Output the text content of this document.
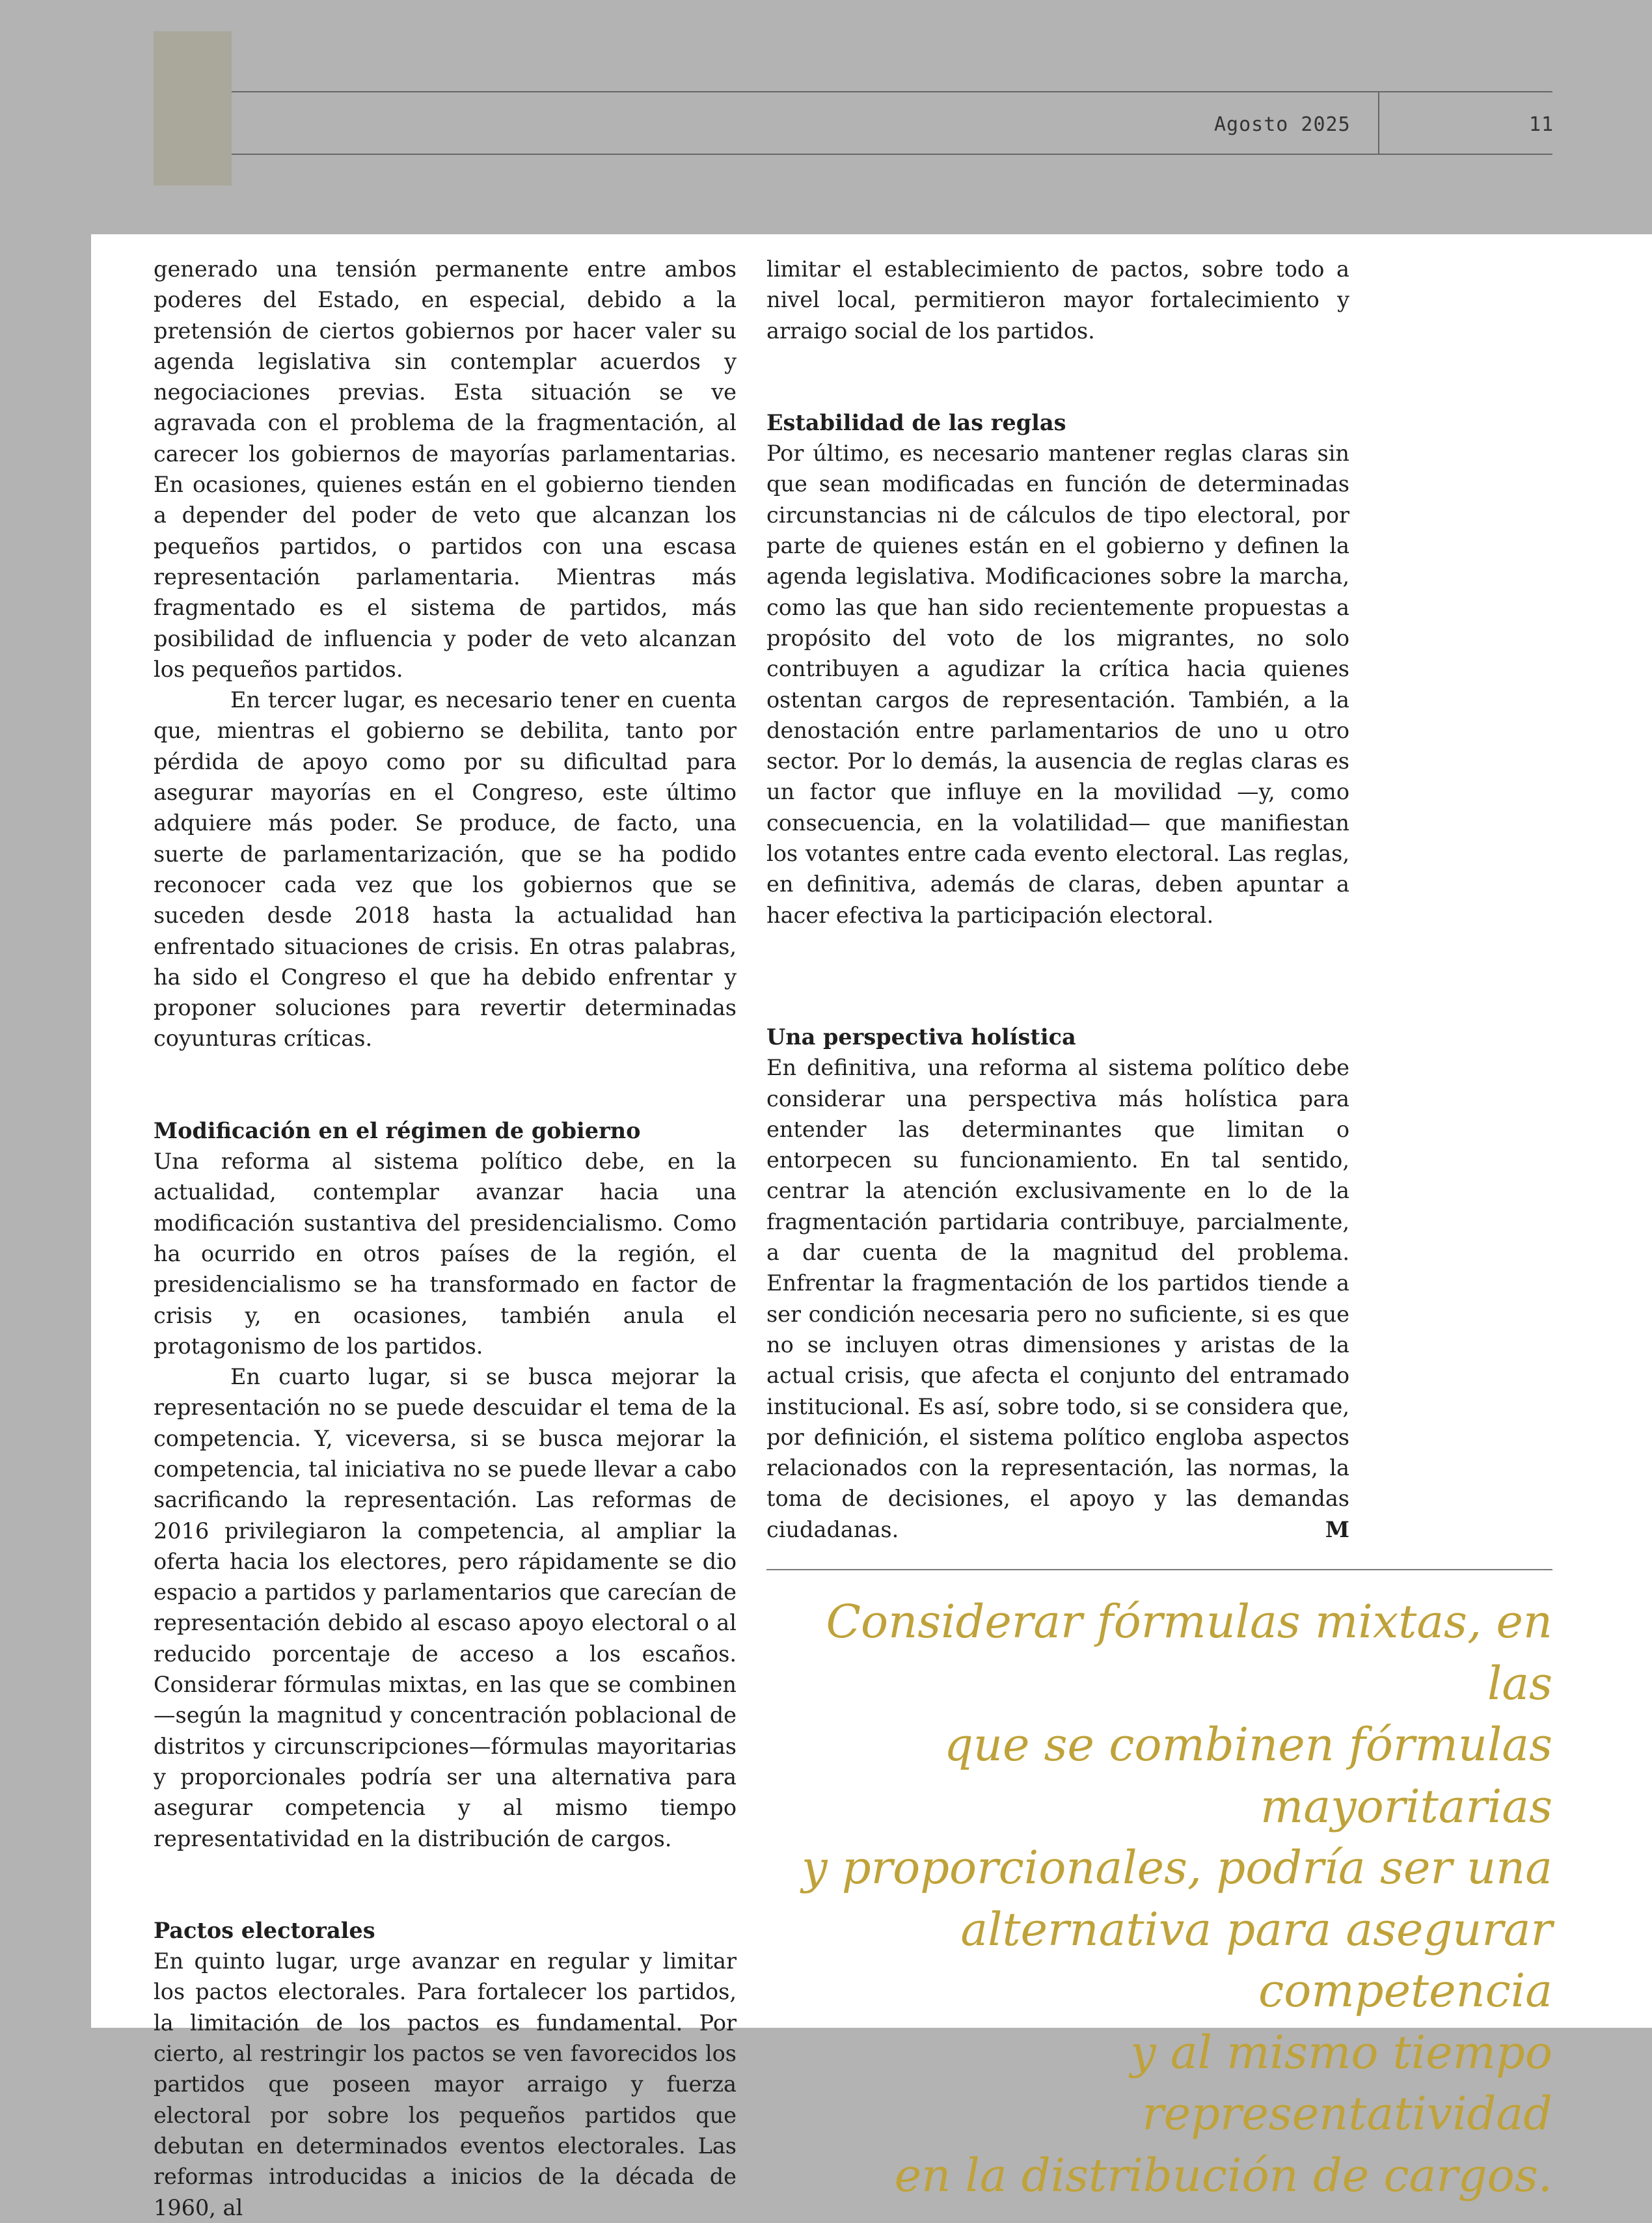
Agosto 2025	11

generado una tensión permanente entre ambos poderes del Estado, en especial, debido a la pretensión de ciertos gobiernos por hacer valer su agenda legislativa sin contemplar acuerdos y negociaciones previas. Esta situación se ve agravada con el problema de la fragmentación, al carecer los gobiernos de mayorías parlamentarias. En ocasiones, quienes están en el gobierno tienden a depender del poder de veto que alcanzan los pequeños partidos, o partidos con una escasa representación parlamentaria. Mientras más fragmentado es el sistema de partidos, más posibilidad de influencia y poder de veto alcanzan los pequeños partidos.

En tercer lugar, es necesario tener en cuenta que, mientras el gobierno se debilita, tanto por pérdida de apoyo como por su dificultad para asegurar mayorías en el Congreso, este último adquiere más poder. Se produce, de facto, una suerte de parlamentarización, que se ha podido reconocer cada vez que los gobiernos que se suceden desde 2018 hasta la actualidad han enfrentado situaciones de crisis. En otras palabras, ha sido el Congreso el que ha debido enfrentar y proponer soluciones para revertir determinadas coyunturas críticas.

Modificación en el régimen de gobierno

Una reforma al sistema político debe, en la actualidad, contemplar avanzar hacia una modificación sustantiva del presidencialismo. Como ha ocurrido en otros países de la región, el presidencialismo se ha transformado en factor de crisis y, en ocasiones, también anula el protagonismo de los partidos.

En cuarto lugar, si se busca mejorar la representación no se puede descuidar el tema de la competencia. Y, viceversa, si se busca mejorar la competencia, tal iniciativa no se puede llevar a cabo sacrificando la representación. Las reformas de 2016 privilegiaron la competencia, al ampliar la oferta hacia los electores, pero rápidamente se dio espacio a partidos y parlamentarios que carecían de representación debido al escaso apoyo electoral o al reducido porcentaje de acceso a los escaños. Considerar fórmulas mixtas, en las que se combinen —según la magnitud y concentración poblacional de distritos y circunscripciones—fórmulas mayoritarias y proporcionales podría ser una alternativa para asegurar competencia y al mismo tiempo representatividad en la distribución de cargos.

Pactos electorales

En quinto lugar, urge avanzar en regular y limitar los pactos electorales. Para fortalecer los partidos, la limitación de los pactos es fundamental. Por cierto, al restringir los pactos se ven favorecidos los partidos que poseen mayor arraigo y fuerza electoral por sobre los pequeños partidos que debutan en determinados eventos electorales. Las reformas introducidas a inicios de la década de 1960, al

limitar el establecimiento de pactos, sobre todo a nivel local, permitieron mayor fortalecimiento y arraigo social de los partidos.

Estabilidad de las reglas

Por último, es necesario mantener reglas claras sin que sean modificadas en función de determinadas circunstancias ni de cálculos de tipo electoral, por parte de quienes están en el gobierno y definen la agenda legislativa. Modificaciones sobre la marcha, como las que han sido recientemente propuestas a propósito del voto de los migrantes, no solo contribuyen a agudizar la crítica hacia quienes ostentan cargos de representación. También, a la denostación entre parlamentarios de uno u otro sector. Por lo demás, la ausencia de reglas claras es un factor que influye en la movilidad —y, como consecuencia, en la volatilidad— que manifiestan los votantes entre cada evento electoral. Las reglas, en definitiva, además de claras, deben apuntar a hacer efectiva la participación electoral.

Una perspectiva holística

En definitiva, una reforma al sistema político debe considerar una perspectiva más holística para entender las determinantes que limitan o entorpecen su funcionamiento. En tal sentido, centrar la atención exclusivamente en lo de la fragmentación partidaria contribuye, parcialmente, a dar cuenta de la magnitud del problema. Enfrentar la fragmentación de los partidos tiende a ser condición necesaria pero no suficiente, si es que no se incluyen otras dimensiones y aristas de la actual crisis, que afecta el conjunto del entramado institucional. Es así, sobre todo, si se considera que, por definición, el sistema político engloba aspectos relacionados con la representación, las normas, la toma de decisiones, el apoyo y las demandas ciudadanas.	M

Considerar fórmulas mixtas, en las
que se combinen fórmulas mayoritarias
y proporcionales, podría ser una
alternativa para asegurar competencia
y al mismo tiempo representatividad
en la distribución de cargos.
